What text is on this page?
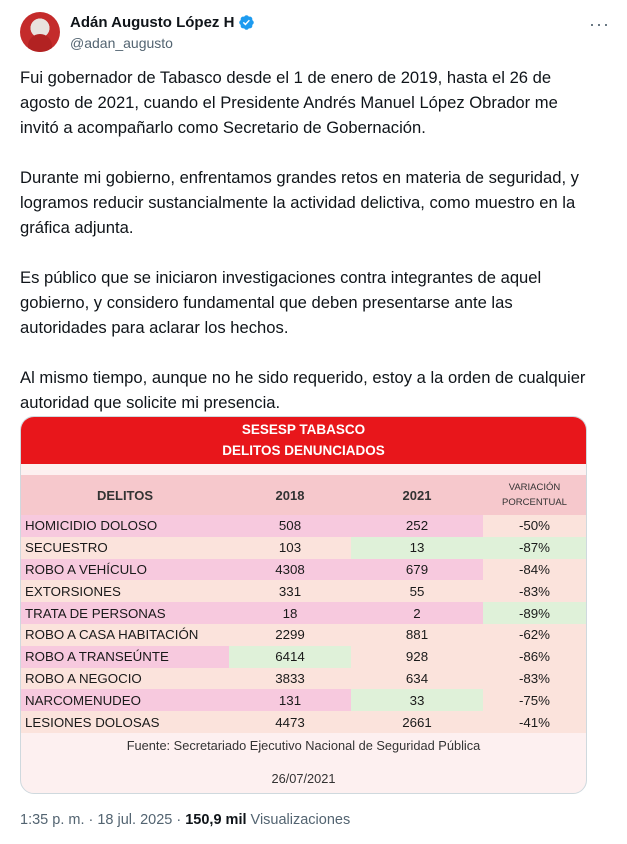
Adán Augusto López H
@adan_augusto
···

Fui gobernador de Tabasco desde el 1 de enero de 2019, hasta el 26 de agosto de 2021, cuando el Presidente Andrés Manuel López Obrador me invitó a acompañarlo como Secretario de Gobernación.

Durante mi gobierno, enfrentamos grandes retos en materia de seguridad, y logramos reducir sustancialmente la actividad delictiva, como muestro en la gráfica adjunta.

Es público que se iniciaron investigaciones contra integrantes de aquel gobierno, y considero fundamental que deben presentarse ante las autoridades para aclarar los hechos.

Al mismo tiempo, aunque no he sido requerido, estoy a la orden de cualquier autoridad que solicite mi presencia.

SESESP TABASCO
DELITOS DENUNCIADOS
DELITOS	2018	2021	VARIACIÓN
PORCENTUAL
HOMICIDIO DOLOSO	508	252	-50%
SECUESTRO	103	13	-87%
ROBO A VEHÍCULO	4308	679	-84%
EXTORSIONES	331	55	-83%
TRATA DE PERSONAS	18	2	-89%
ROBO A CASA HABITACIÓN	2299	881	-62%
ROBO A TRANSEÚNTE	6414	928	-86%
ROBO A NEGOCIO	3833	634	-83%
NARCOMENUDEO	131	33	-75%
LESIONES DOLOSAS	4473	2661	-41%
Fuente: Secretariado Ejecutivo Nacional de Seguridad Pública
26/07/2021
1:35 p. m. · 18 jul. 2025 · 150,9 mil Visualizaciones
